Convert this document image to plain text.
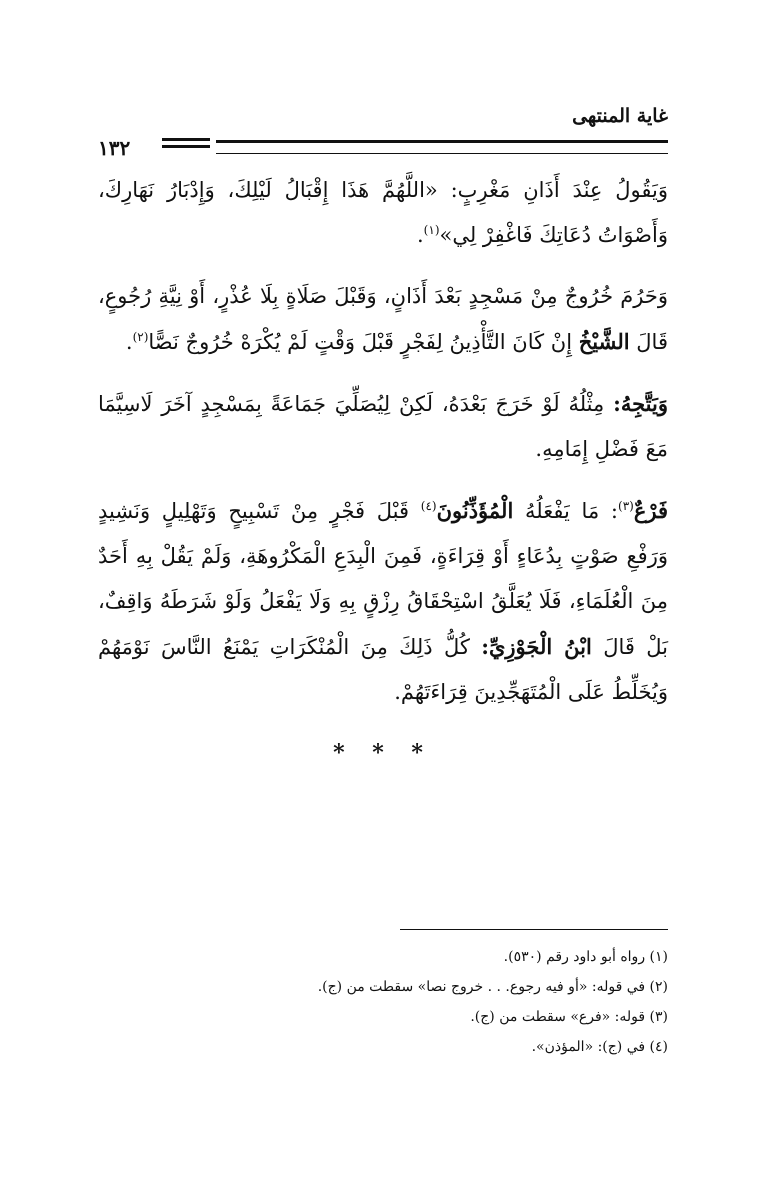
غاية المنتهى
١٣٢

وَيَقُولُ عِنْدَ أَذَانِ مَغْرِبٍ: «اللَّهُمَّ هَذَا إِقْبَالُ لَيْلِكَ، وَإِدْبَارُ نَهَارِكَ، وَأَصْوَاتُ دُعَاتِكَ فَاغْفِرْ لِي»$^{(١)}$.

وَحَرُمَ خُرُوجٌ مِنْ مَسْجِدٍ بَعْدَ أَذَانٍ، وَقَبْلَ صَلَاةٍ بِلَا عُذْرٍ، أَوْ نِيَّةِ رُجُوعٍ، قَالَ الشَّيْخُ إِنْ كَانَ التَّأْذِينُ لِفَجْرٍ قَبْلَ وَقْتٍ لَمْ يُكْرَهْ خُرُوجٌ نَصًّا$^{(٢)}$.

وَيَتَّجِهُ: مِثْلُهُ لَوْ خَرَجَ بَعْدَهُ، لَكِنْ لِيُصَلِّيَ جَمَاعَةً بِمَسْجِدٍ آخَرَ لَاسِيَّمَا مَعَ فَضْلِ إِمَامِهِ.

فَرْعٌ$^{(٣)}$: مَا يَفْعَلُهُ الْمُؤَذِّنُونَ$^{(٤)}$ قَبْلَ فَجْرٍ مِنْ تَسْبِيحٍ وَتَهْلِيلٍ وَنَشِيدٍ وَرَفْعِ صَوْتٍ بِدُعَاءٍ أَوْ قِرَاءَةٍ، فَمِنَ الْبِدَعِ الْمَكْرُوهَةِ، وَلَمْ يَقُلْ بِهِ أَحَدٌ مِنَ الْعُلَمَاءِ، فَلَا يُعَلَّقُ اسْتِحْقَاقُ رِزْقٍ بِهِ وَلَا يَفْعَلُ وَلَوْ شَرَطَهُ وَاقِفٌ، بَلْ قَالَ ابْنُ الْجَوْزِيِّ: كُلُّ ذَلِكَ مِنَ الْمُنْكَرَاتِ يَمْنَعُ النَّاسَ نَوْمَهُمْ وَيُخَلِّطُ عَلَى الْمُتَهَجِّدِينَ قِرَاءَتَهُمْ.

* * *

(١) رواه أبو داود رقم (٥٣٠).

(٢) في قوله: «أو فيه رجوع. . . خروج نصا» سقطت من (ج).

(٣) قوله: «فرع» سقطت من (ج).

(٤) في (ج): «المؤذن».
